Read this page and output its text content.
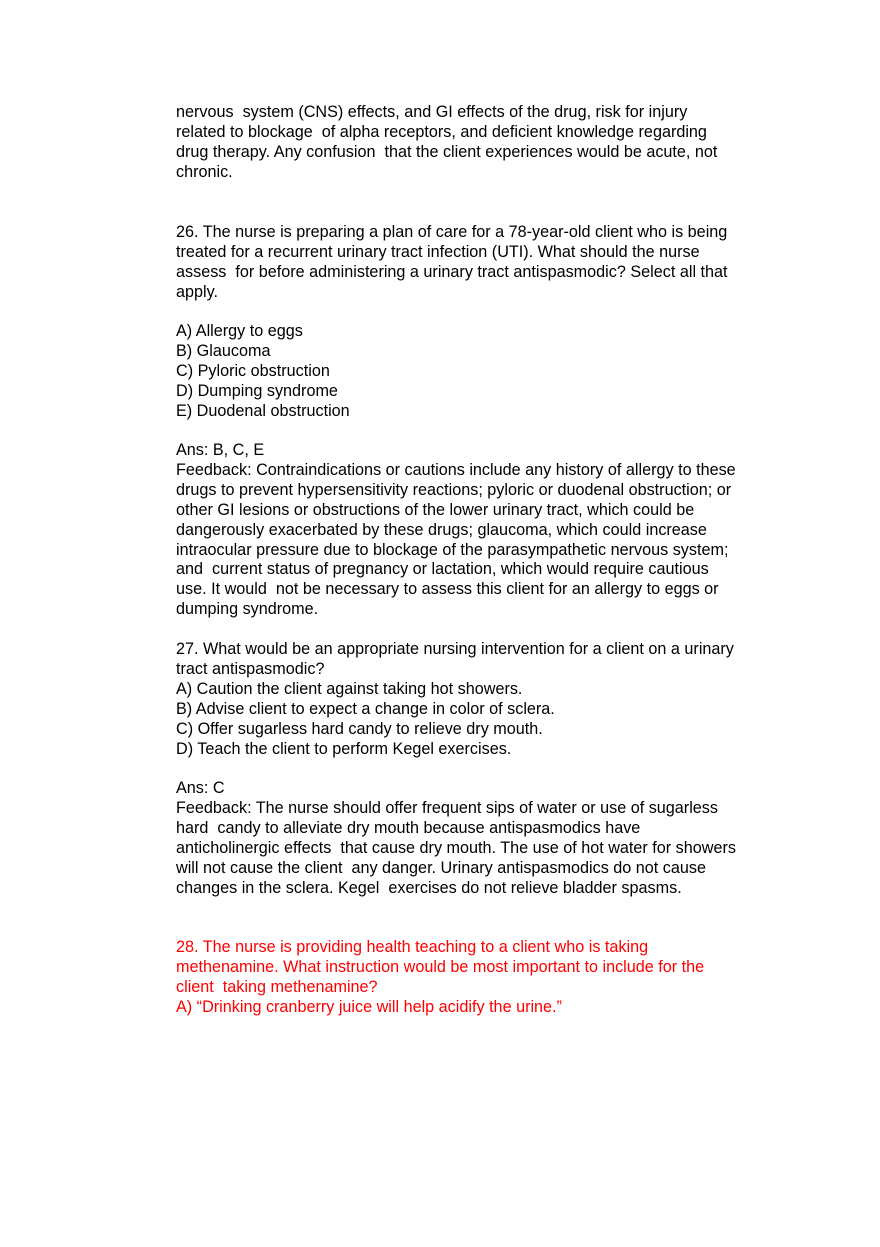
nervous  system (CNS) effects, and GI effects of the drug, risk for injury
related to blockage  of alpha receptors, and deficient knowledge regarding
drug therapy. Any confusion  that the client experiences would be acute, not
chronic.
26. The nurse is preparing a plan of care for a 78-year-old client who is being
treated for a recurrent urinary tract infection (UTI). What should the nurse
assess  for before administering a urinary tract antispasmodic? Select all that
apply.
A) Allergy to eggs
B) Glaucoma
C) Pyloric obstruction
D) Dumping syndrome
E) Duodenal obstruction
Ans: B, C, E
Feedback: Contraindications or cautions include any history of allergy to these
drugs to prevent hypersensitivity reactions; pyloric or duodenal obstruction; or
other GI lesions or obstructions of the lower urinary tract, which could be
dangerously exacerbated by these drugs; glaucoma, which could increase
intraocular pressure due to blockage of the parasympathetic nervous system;
and  current status of pregnancy or lactation, which would require cautious
use. It would  not be necessary to assess this client for an allergy to eggs or
dumping syndrome.
27. What would be an appropriate nursing intervention for a client on a urinary
tract antispasmodic?
A) Caution the client against taking hot showers.
B) Advise client to expect a change in color of sclera.
C) Offer sugarless hard candy to relieve dry mouth.
D) Teach the client to perform Kegel exercises.
Ans: C
Feedback: The nurse should offer frequent sips of water or use of sugarless
hard  candy to alleviate dry mouth because antispasmodics have
anticholinergic effects  that cause dry mouth. The use of hot water for showers
will not cause the client  any danger. Urinary antispasmodics do not cause
changes in the sclera. Kegel  exercises do not relieve bladder spasms.
28. The nurse is providing health teaching to a client who is taking
methenamine. What instruction would be most important to include for the
client  taking methenamine?
A) “Drinking cranberry juice will help acidify the urine.”
